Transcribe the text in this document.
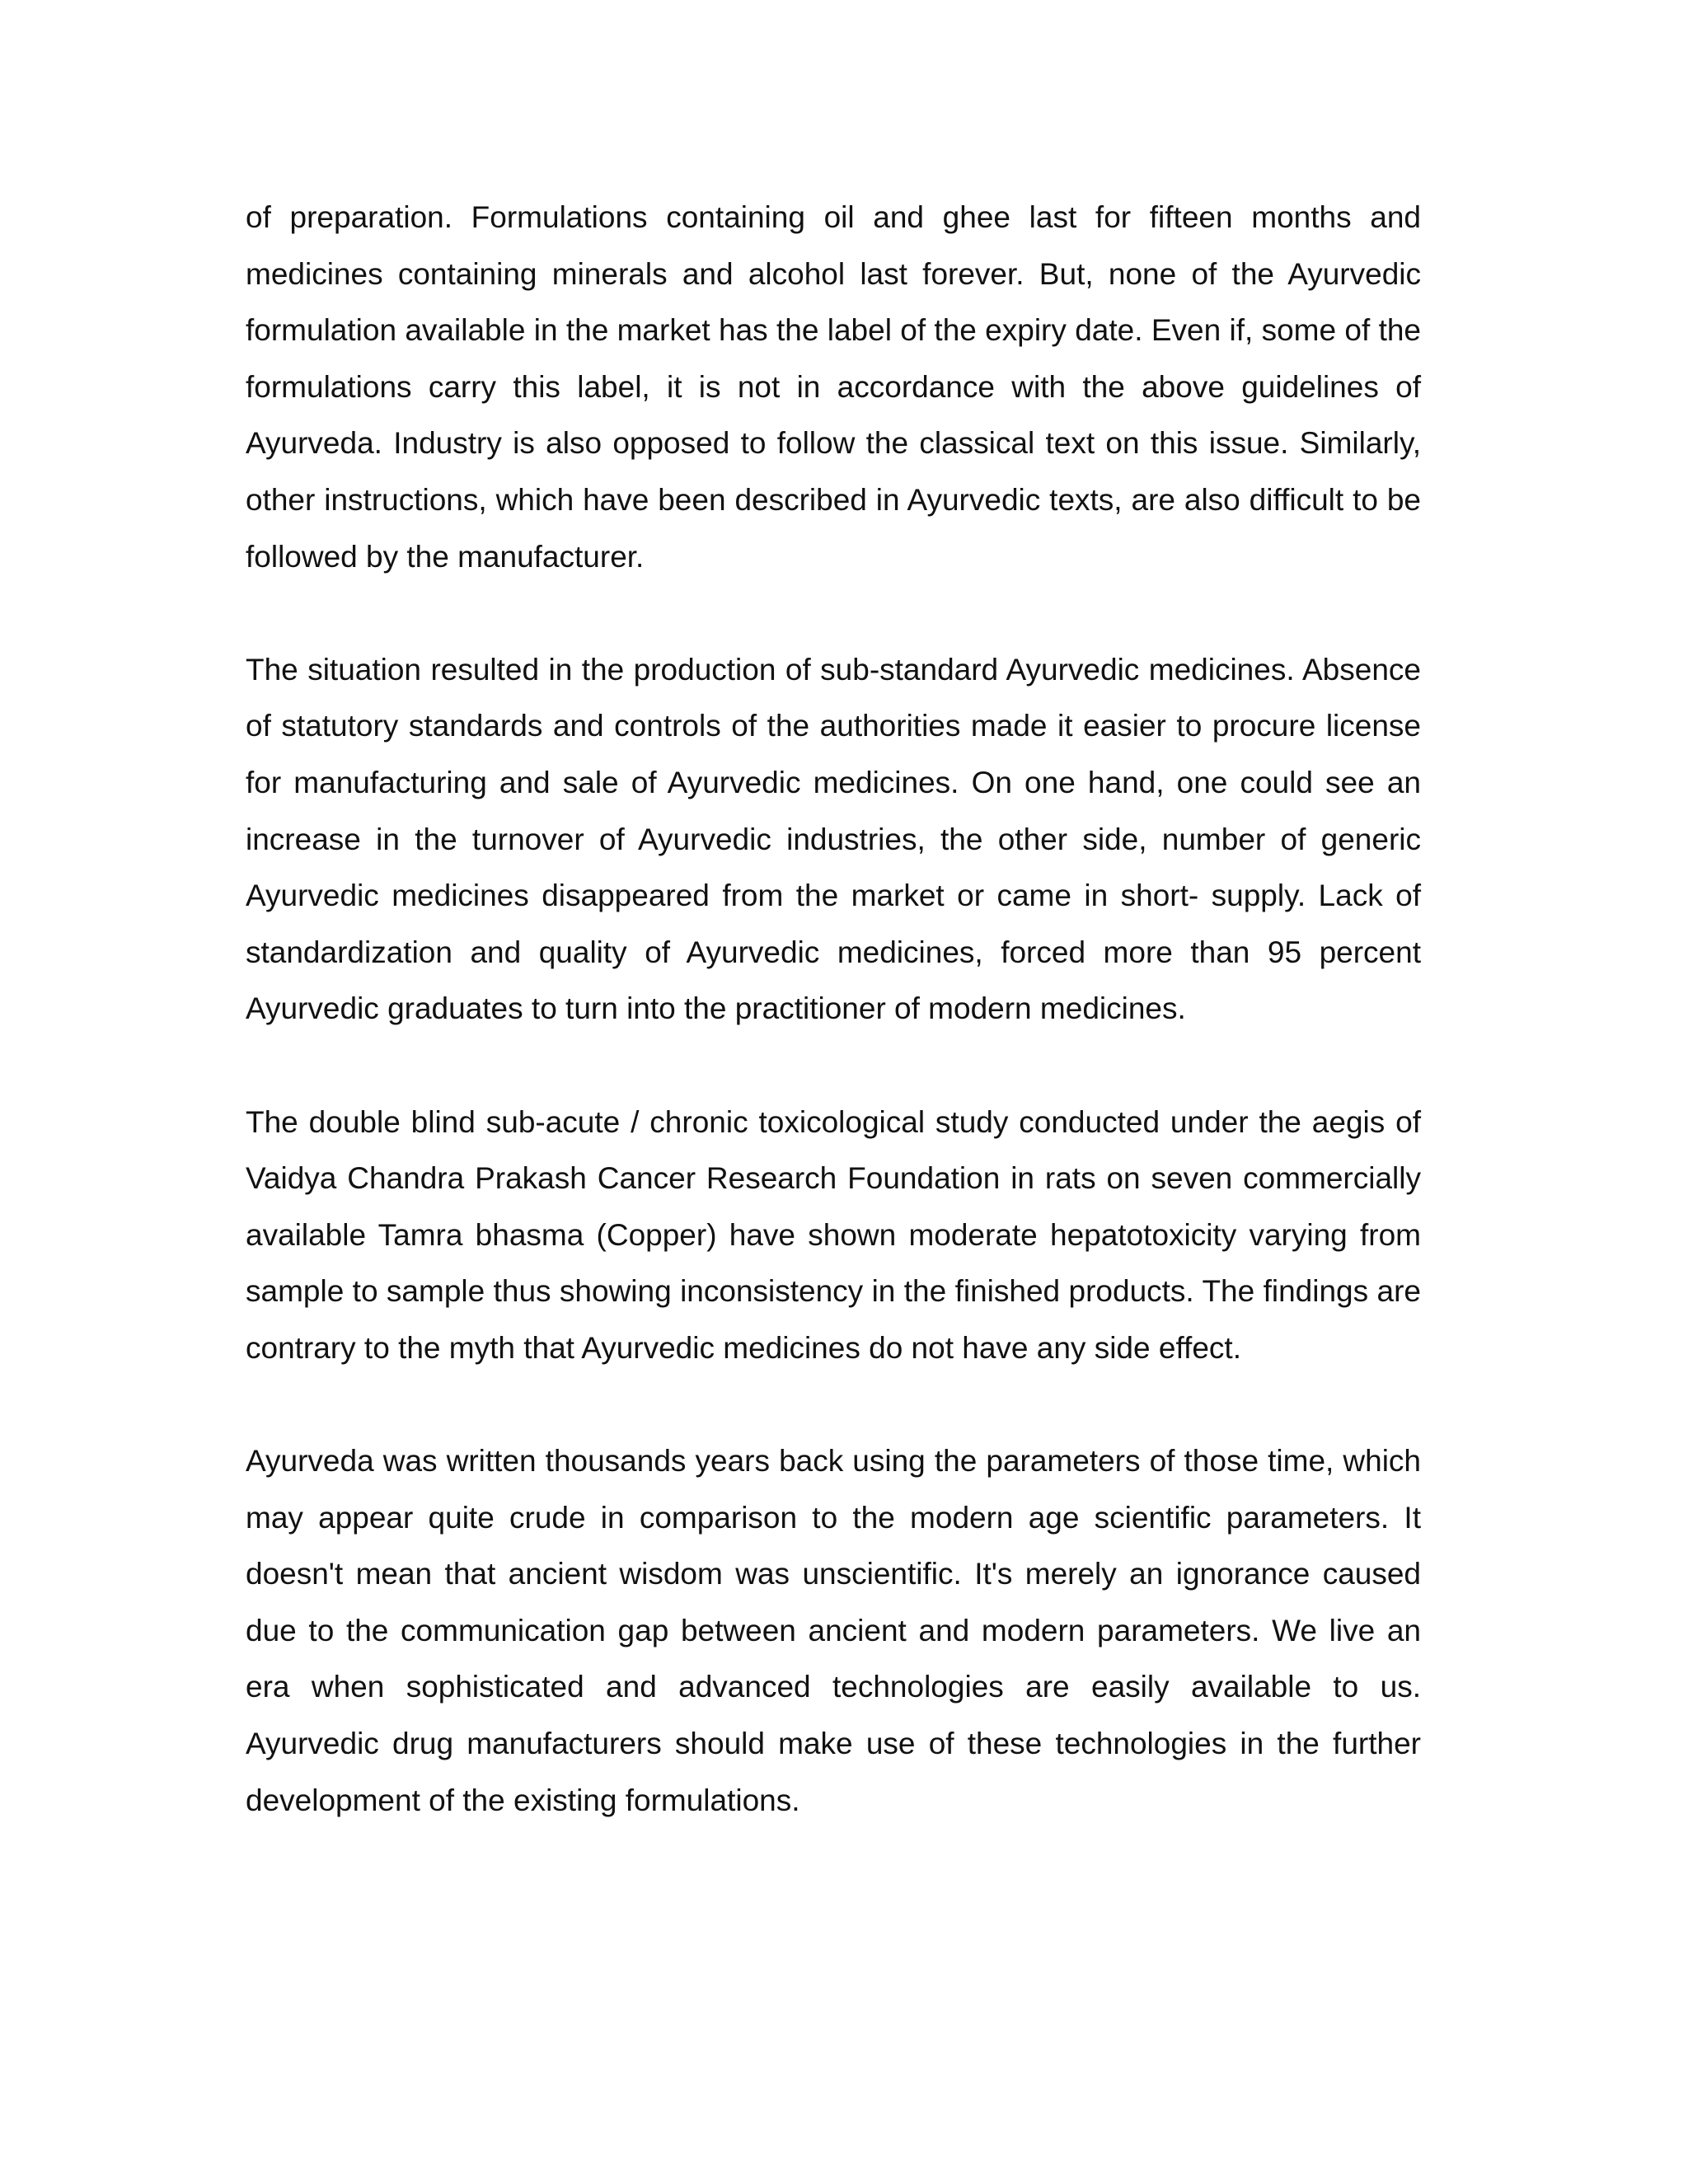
of preparation. Formulations containing oil and ghee last for fifteen months and medicines containing minerals and alcohol last forever. But, none of the Ayurvedic formulation available in the market has the label of the expiry date. Even if, some of the formulations carry this label, it is not in accordance with the above guidelines of Ayurveda. Industry is also opposed to follow the classical text on this issue. Similarly, other instructions, which have been described in Ayurvedic texts, are also difficult to be followed by the manufacturer.

The situation resulted in the production of sub-standard Ayurvedic medicines. Absence of statutory standards and controls of the authorities made it easier to procure license for manufacturing and sale of Ayurvedic medicines. On one hand, one could see an increase in the turnover of Ayurvedic industries, the other side, number of generic Ayurvedic medicines disappeared from the market or came in short- supply. Lack of standardization and quality of Ayurvedic medicines, forced more than 95 percent Ayurvedic graduates to turn into the practitioner of modern medicines.

The double blind sub-acute / chronic toxicological study conducted under the aegis of Vaidya Chandra Prakash Cancer Research Foundation in rats on seven commercially available Tamra bhasma (Copper) have shown moderate hepatotoxicity varying from sample to sample thus showing inconsistency in the finished products. The findings are contrary to the myth that Ayurvedic medicines do not have any side effect.

Ayurveda was written thousands years back using the parameters of those time, which may appear quite crude in comparison to the modern age scientific parameters. It doesn't mean that ancient wisdom was unscientific. It's merely an ignorance caused due to the communication gap between ancient and modern parameters. We live an era when sophisticated and advanced technologies are easily available to us. Ayurvedic drug manufacturers should make use of these technologies in the further development of the existing formulations.
